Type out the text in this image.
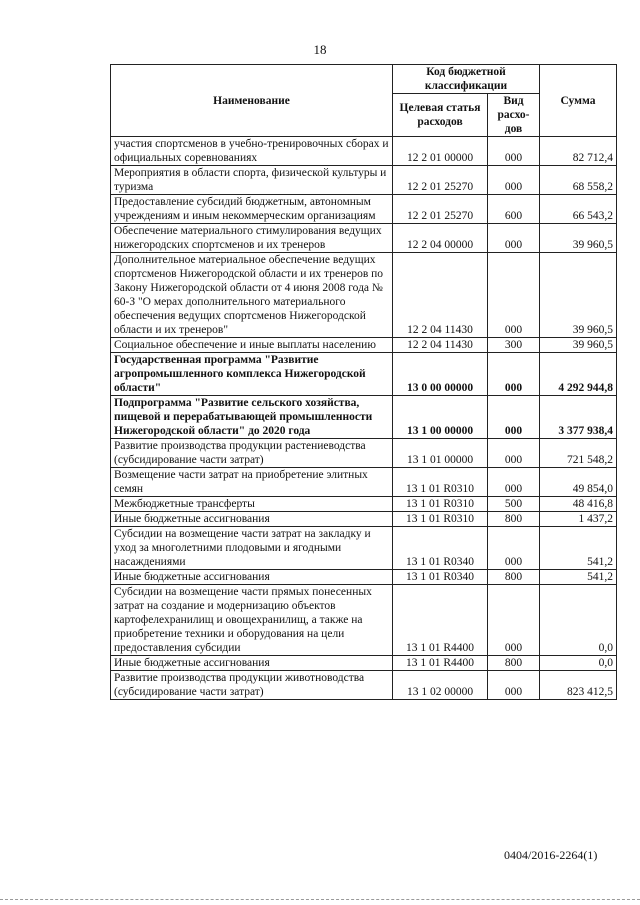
18
Наименование	Код бюджетной классификации		Сумма
	Целевая статья расходов	Вид расхо- дов	
участия спортсменов в учебно-тренировочных сборах и официальных соревнованиях	12 2 01 00000	000	82 712,4
Мероприятия в области спорта, физической культуры и туризма	12 2 01 25270	000	68 558,2
Предоставление субсидий бюджетным, автономным учреждениям и иным некоммерческим организациям	12 2 01 25270	600	66 543,2
Обеспечение материального стимулирования ведущих нижегородских спортсменов и их тренеров	12 2 04 00000	000	39 960,5
Дополнительное материальное обеспечение ведущих спортсменов Нижегородской области и их тренеров по Закону Нижегородской области от 4 июня 2008 года № 60-З "О мерах дополнительного материального обеспечения ведущих спортсменов Нижегородской области и их тренеров"	12 2 04 11430	000	39 960,5
Социальное обеспечение и иные выплаты населению	12 2 04 11430	300	39 960,5
Государственная программа "Развитие агропромышленного комплекса Нижегородской области"	13 0 00 00000	000	4 292 944,8
Подпрограмма "Развитие сельского хозяйства, пищевой и перерабатывающей промышленности Нижегородской области" до 2020 года	13 1 00 00000	000	3 377 938,4
Развитие производства продукции растениеводства (субсидирование части затрат)	13 1 01 00000	000	721 548,2
Возмещение части затрат на приобретение элитных семян	13 1 01 R0310	000	49 854,0
Межбюджетные трансферты	13 1 01 R0310	500	48 416,8
Иные бюджетные ассигнования	13 1 01 R0310	800	1 437,2
Субсидии на возмещение части затрат на закладку и уход за многолетними плодовыми и ягодными насаждениями	13 1 01 R0340	000	541,2
Иные бюджетные ассигнования	13 1 01 R0340	800	541,2
Субсидии на возмещение части прямых понесенных затрат на создание и модернизацию объектов картофелехранилищ и овощехранилищ, а также на приобретение техники и оборудования на цели предоставления субсидии	13 1 01 R4400	000	0,0
Иные бюджетные ассигнования	13 1 01 R4400	800	0,0
Развитие производства продукции животноводства (субсидирование части затрат)	13 1 02 00000	000	823 412,5
0404/2016-2264(1)
